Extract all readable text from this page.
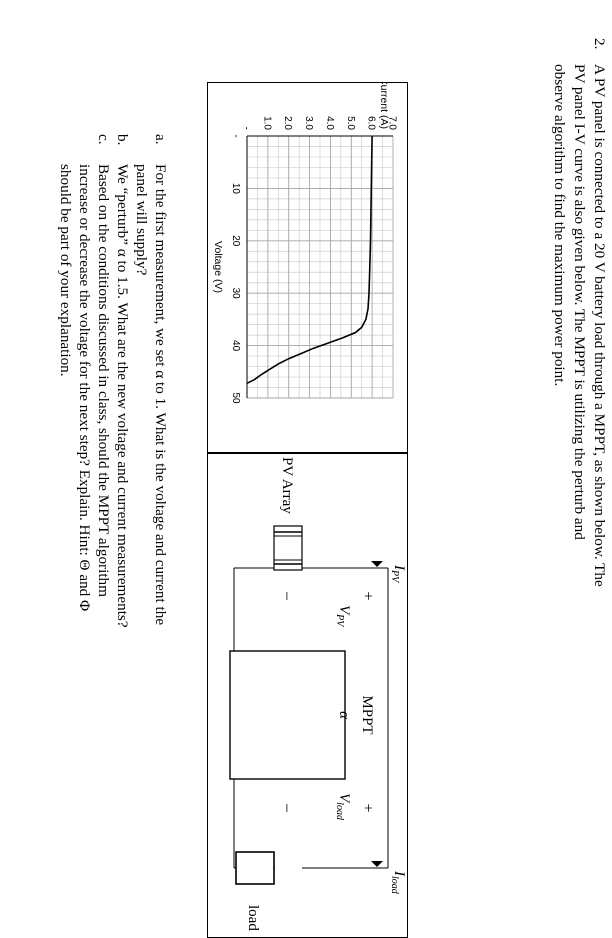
2.
A PV panel is connected to a 20 V battery load through a MPPT, as shown below. The
PV panel I-V curve is also given below. The MPPT is utilizing the perturb and
observe algorithm to find the maximum power point.
1.0 2.0 3.0 4.0 5.0 6.0 7.0
-
10
20
30
40
50
-
Current (A)
Voltage (V)
PV Array
$I_{PV}$
+
$V_{PV}$
–
MPPT
α
+
$V_{load}$
–
$I_{load}$
load
a.
For the first measurement, we set α to 1. What is the voltage and current the
panel will supply?
b.
We “perturb” α to 1.5. What are the new voltage and current measurements?
c.
Based on the conditions discussed in class, should the MPPT algorithm
increase or decrease the voltage for the next step? Explain. Hint: Θ and Φ
should be part of your explanation.
